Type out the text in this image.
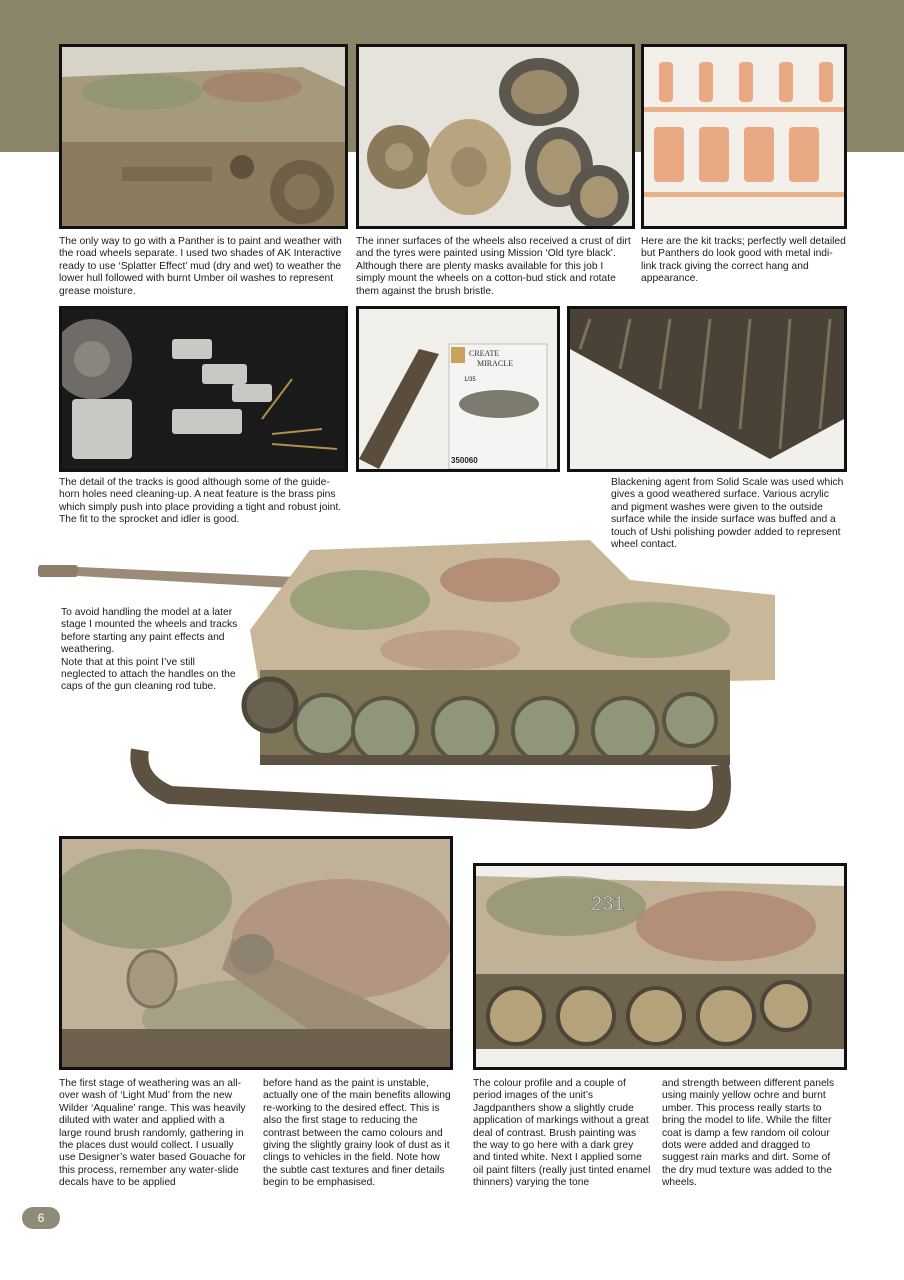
The only way to go with a Panther is to paint and weather with the road wheels separate. I used two shades of AK Interactive ready to use ‘Splatter Effect’ mud (dry and wet) to weather the lower hull followed with burnt Umber oil washes to represent grease moisture.
The inner surfaces of the wheels also received a crust of dirt and the tyres were painted using Mission ‘Old tyre black’. Although there are plenty masks available for this job I simply mount the wheels on a cotton-bud stick and rotate them against the brush bristle.
Here are the kit tracks; perfectly well detailed but Panthers do look good with metal indi-link track giving the correct hang and appearance.
CREATE
MIRACLE
1/35
350060
The detail of the tracks is good although some of the guide-horn holes need cleaning-up. A neat feature is the brass pins which simply push into place providing a tight and robust joint. The fit to the sprocket and idler is good.
Blackening agent from Solid Scale was used which gives a good weathered surface. Various acrylic and pigment washes were given to the outside surface while the inside surface was buffed and a touch of Ushi polishing powder added to represent wheel contact.
To avoid handling the model at a later stage I mounted the wheels and tracks before starting any paint effects and weathering.
Note that at this point I’ve still neglected to attach the handles on the caps of the gun cleaning rod tube.
231
The first stage of weathering was an all-over wash of ‘Light Mud’ from the new Wilder ‘Aqualine’ range. This was heavily diluted with water and applied with a large round brush randomly, gathering in the places dust would collect. I usually use Designer’s water based Gouache for this process, remember any water-slide decals have to be applied
before hand as the paint is unstable, actually one of the main benefits allowing re-working to the desired effect. This is also the first stage to reducing the contrast between the camo colours and giving the slightly grainy look of dust as it clings to vehicles in the field. Note how the subtle cast textures and finer details begin to be emphasised.
The colour profile and a couple of period images of the unit’s Jagdpanthers show a slightly crude application of markings without a great deal of contrast. Brush painting was the way to go here with a dark grey and tinted white. Next I applied some oil paint filters (really just tinted enamel thinners) varying the tone
and strength between different panels using mainly yellow ochre and burnt umber. This process really starts to bring the model to life. While the filter coat is damp a few random oil colour dots were added and dragged to suggest rain marks and dirt. Some of the dry mud texture was added to the wheels.
6
